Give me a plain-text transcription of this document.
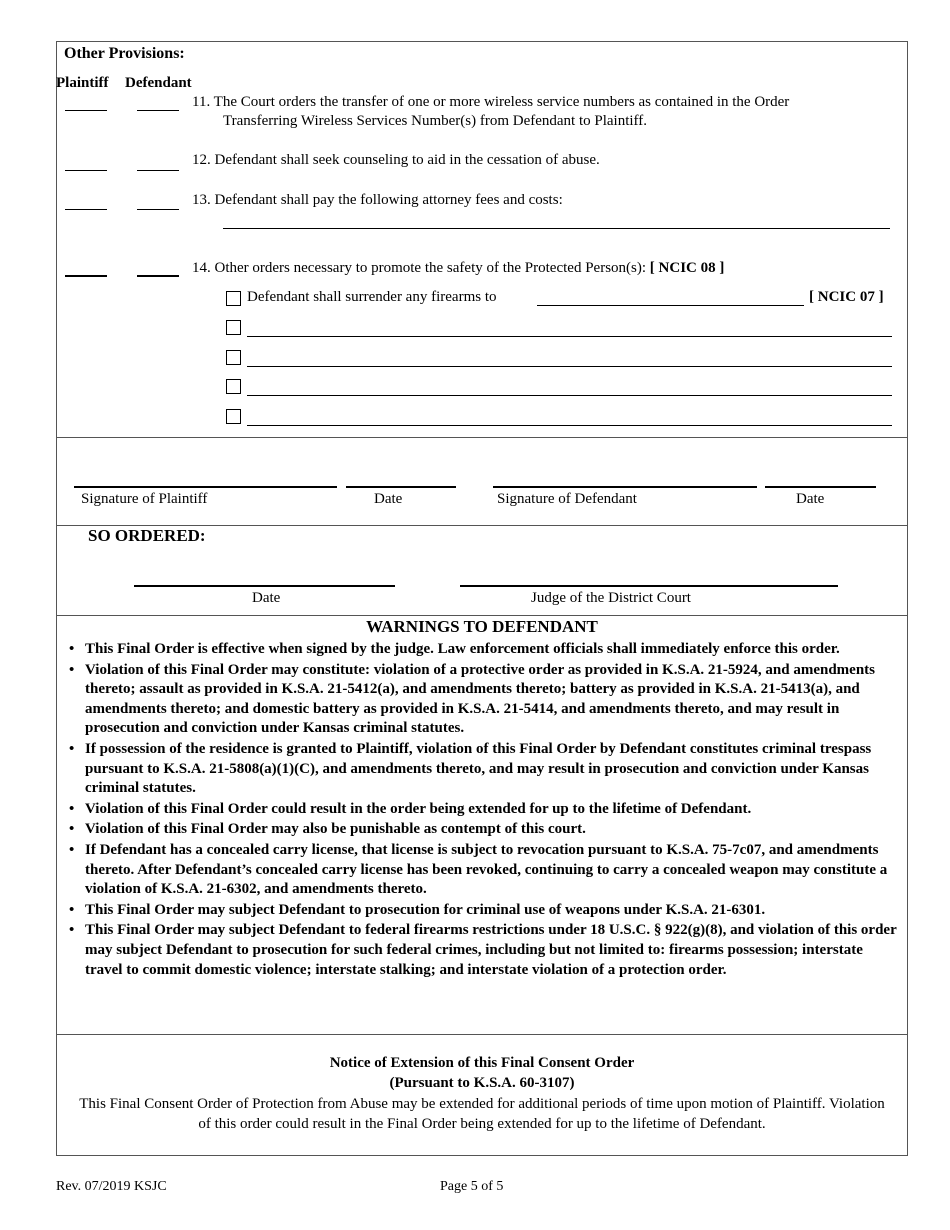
Other Provisions:
Plaintiff Defendant
11. The Court orders the transfer of one or more wireless service numbers as contained in the Order
Transferring Wireless Services Number(s) from Defendant to Plaintiff.
12. Defendant shall seek counseling to aid in the cessation of abuse.
13. Defendant shall pay the following attorney fees and costs:
14. Other orders necessary to promote the safety of the Protected Person(s): [ NCIC 08 ]
Defendant shall surrender any firearms to	[ NCIC 07 ]
Signature of Plaintiff	Date	Signature of Defendant	Date
SO ORDERED:
Date	Judge of the District Court
WARNINGS TO DEFENDANT
• This Final Order is effective when signed by the judge. Law enforcement officials shall immediately enforce this order.
• Violation of this Final Order may constitute: violation of a protective order as provided in K.S.A. 21-5924, and amendments thereto; assault as provided in K.S.A. 21-5412(a), and amendments thereto; battery as provided in K.S.A. 21-5413(a), and amendments thereto; and domestic battery as provided in K.S.A. 21-5414, and amendments thereto, and may result in prosecution and conviction under Kansas criminal statutes.
• If possession of the residence is granted to Plaintiff, violation of this Final Order by Defendant constitutes criminal trespass pursuant to K.S.A. 21-5808(a)(1)(C), and amendments thereto, and may result in prosecution and conviction under Kansas criminal statutes.
• Violation of this Final Order could result in the order being extended for up to the lifetime of Defendant.
• Violation of this Final Order may also be punishable as contempt of this court.
• If Defendant has a concealed carry license, that license is subject to revocation pursuant to K.S.A. 75-7c07, and amendments thereto. After Defendant’s concealed carry license has been revoked, continuing to carry a concealed weapon may constitute a violation of K.S.A. 21-6302, and amendments thereto.
• This Final Order may subject Defendant to prosecution for criminal use of weapons under K.S.A. 21-6301.
• This Final Order may subject Defendant to federal firearms restrictions under 18 U.S.C. § 922(g)(8), and violation of this order may subject Defendant to prosecution for such federal crimes, including but not limited to: firearms possession; interstate travel to commit domestic violence; interstate stalking; and interstate violation of a protection order.
Notice of Extension of this Final Consent Order
(Pursuant to K.S.A. 60-3107)
This Final Consent Order of Protection from Abuse may be extended for additional periods of time upon motion of Plaintiff. Violation of this order could result in the Final Order being extended for up to the lifetime of Defendant.
Rev. 07/2019 KSJC	Page 5 of 5
